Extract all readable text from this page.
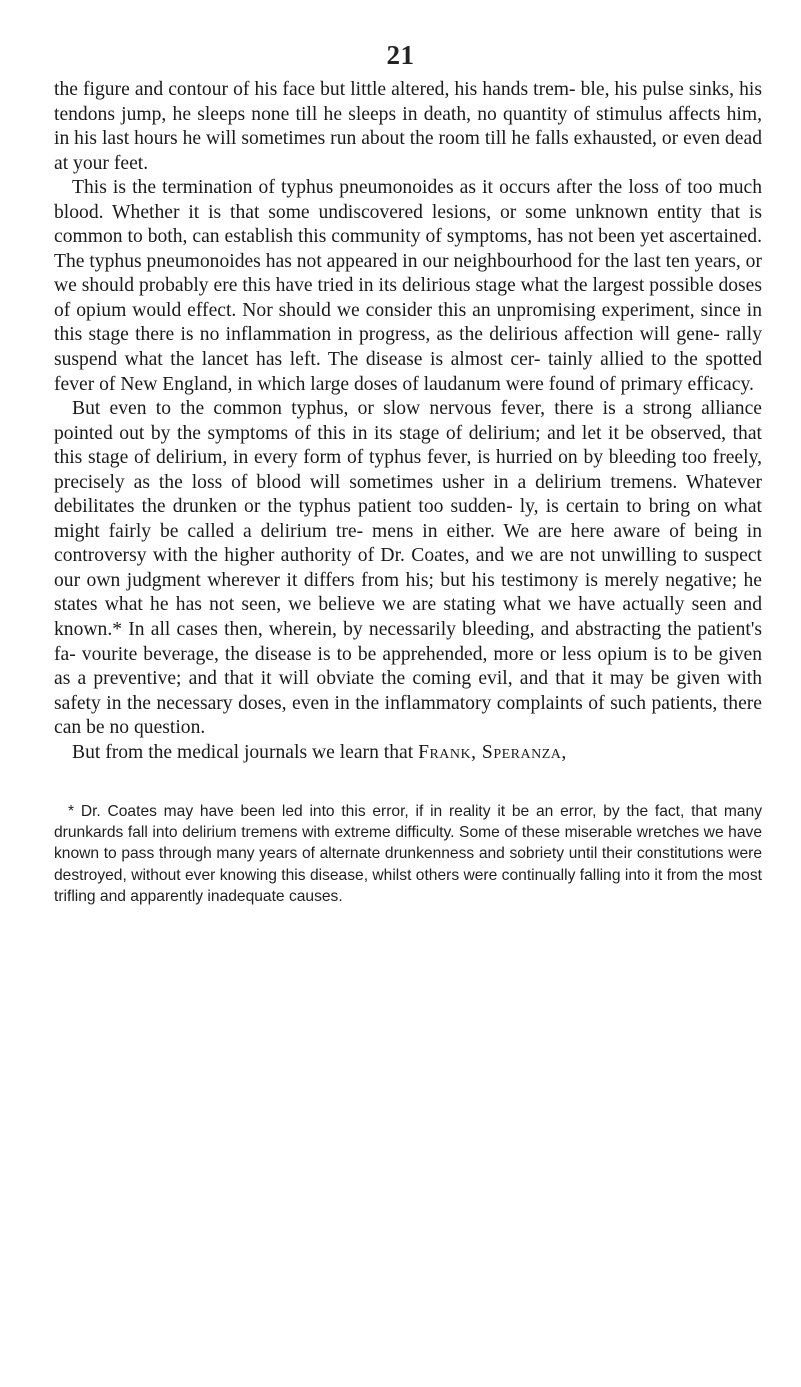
21

the figure and contour of his face but little altered, his hands trem- ble, his pulse sinks, his tendons jump, he sleeps none till he sleeps in death, no quantity of stimulus affects him, in his last hours he will sometimes run about the room till he falls exhausted, or even dead at your feet.

This is the termination of typhus pneumonoides as it occurs after the loss of too much blood. Whether it is that some undiscovered lesions, or some unknown entity that is common to both, can establish this community of symptoms, has not been yet ascertained. The typhus pneumonoides has not appeared in our neighbourhood for the last ten years, or we should probably ere this have tried in its delirious stage what the largest possible doses of opium would effect. Nor should we consider this an unpromising experiment, since in this stage there is no inflammation in progress, as the delirious affection will gene- rally suspend what the lancet has left. The disease is almost cer- tainly allied to the spotted fever of New England, in which large doses of laudanum were found of primary efficacy.

But even to the common typhus, or slow nervous fever, there is a strong alliance pointed out by the symptoms of this in its stage of delirium; and let it be observed, that this stage of delirium, in every form of typhus fever, is hurried on by bleeding too freely, precisely as the loss of blood will sometimes usher in a delirium tremens. Whatever debilitates the drunken or the typhus patient too sudden- ly, is certain to bring on what might fairly be called a delirium tre- mens in either. We are here aware of being in controversy with the higher authority of Dr. Coates, and we are not unwilling to suspect our own judgment wherever it differs from his; but his testimony is merely negative; he states what he has not seen, we believe we are stating what we have actually seen and known.* In all cases then, wherein, by necessarily bleeding, and abstracting the patient's fa- vourite beverage, the disease is to be apprehended, more or less opium is to be given as a preventive; and that it will obviate the coming evil, and that it may be given with safety in the necessary doses, even in the inflammatory complaints of such patients, there can be no question.

But from the medical journals we learn that Frank, Speranza,

* Dr. Coates may have been led into this error, if in reality it be an error, by the fact, that many drunkards fall into delirium tremens with extreme difficulty. Some of these miserable wretches we have known to pass through many years of alternate drunkenness and sobriety until their constitutions were destroyed, without ever knowing this disease, whilst others were continually falling into it from the most trifling and apparently inadequate causes.
